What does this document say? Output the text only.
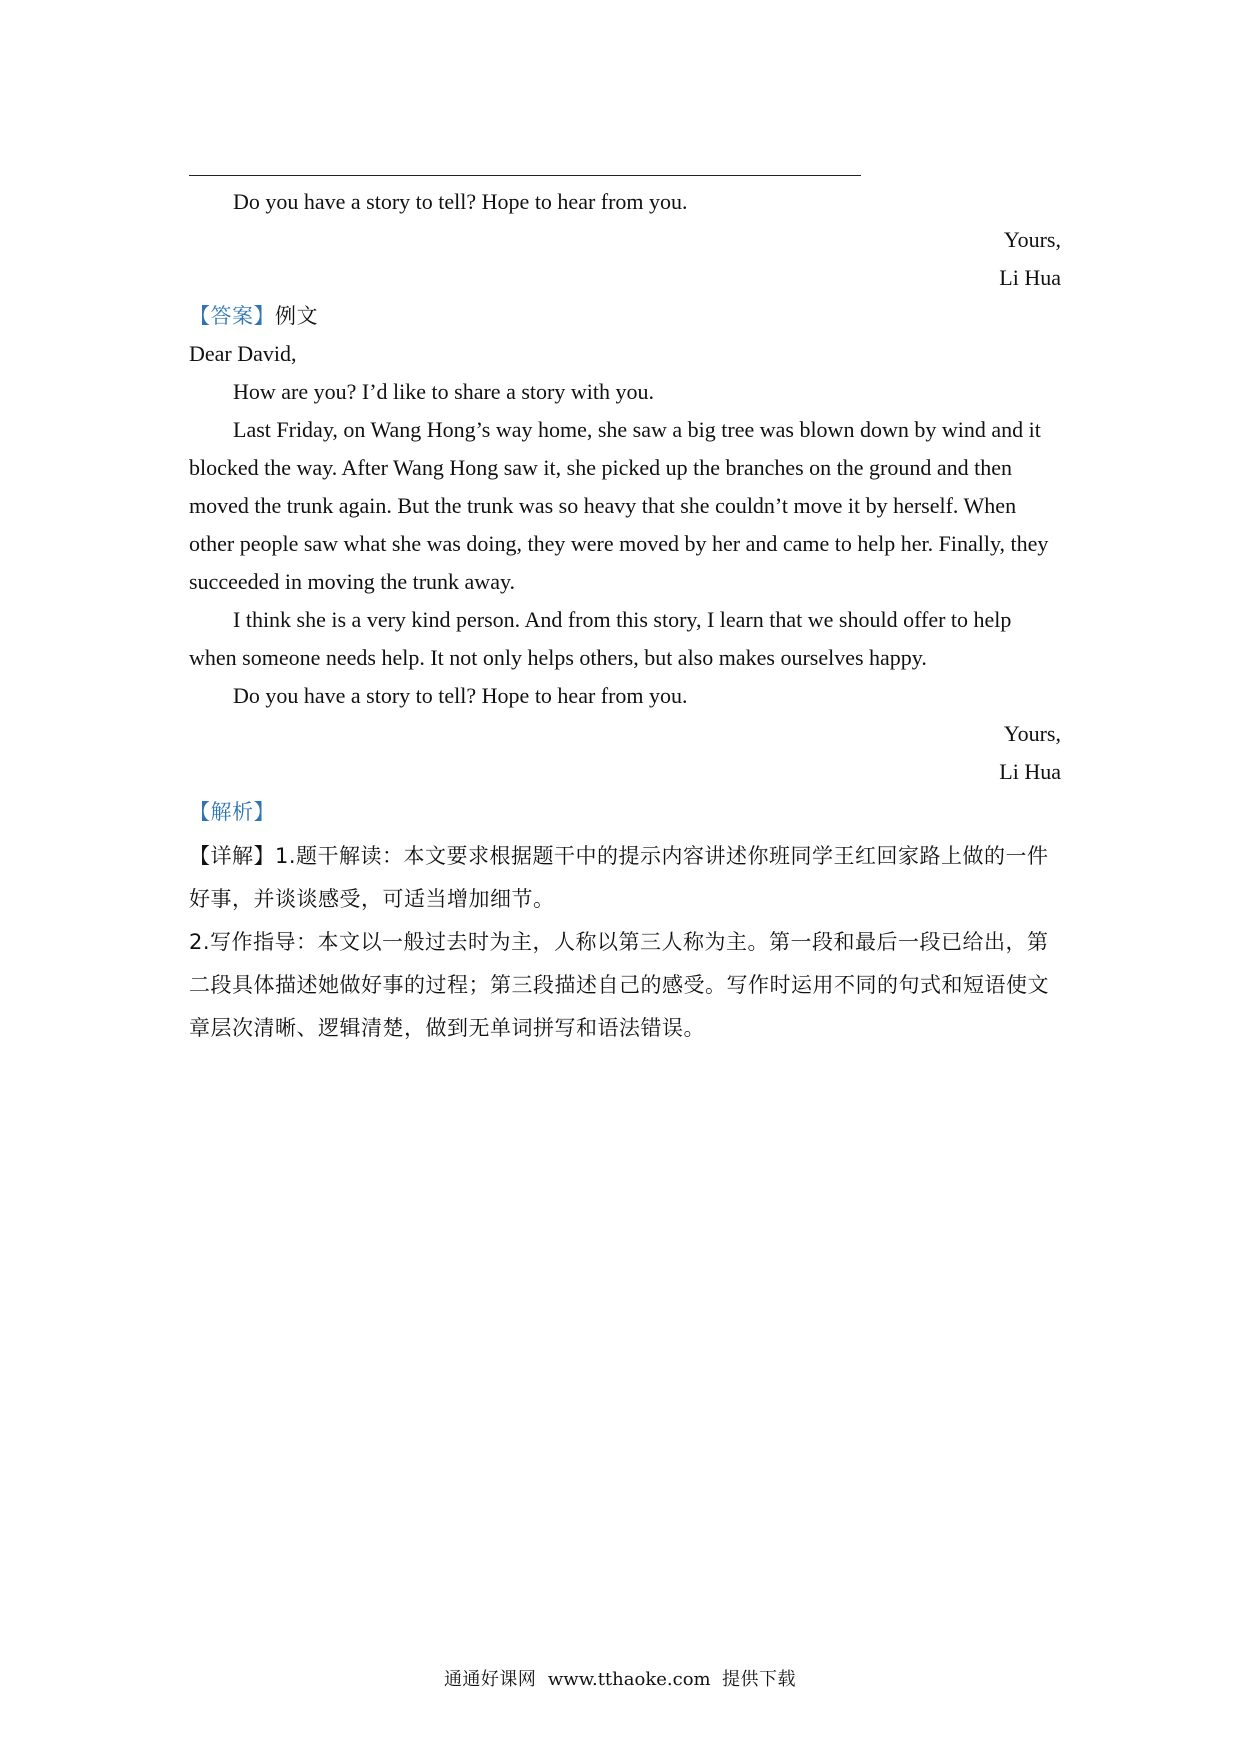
Do you have a story to tell? Hope to hear from you.

Yours,

Li Hua

【答案】例文

Dear David,

How are you? I’d like to share a story with you.

Last Friday, on Wang Hong’s way home, she saw a big tree was blown down by wind and it blocked the way. After Wang Hong saw it, she picked up the branches on the ground and then moved the trunk again. But the trunk was so heavy that she couldn’t move it by herself. When other people saw what she was doing, they were moved by her and came to help her. Finally, they succeeded in moving the trunk away.

I think she is a very kind person. And from this story, I learn that we should offer to help when someone needs help. It not only helps others, but also makes ourselves happy.

Do you have a story to tell? Hope to hear from you.

Yours,

Li Hua

【解析】

【详解】1.题干解读：本文要求根据题干中的提示内容讲述你班同学王红回家路上做的一件好事，并谈谈感受，可适当增加细节。

2.写作指导：本文以一般过去时为主，人称以第三人称为主。第一段和最后一段已给出，第二段具体描述她做好事的过程；第三段描述自己的感受。写作时运用不同的句式和短语使文章层次清晰、逻辑清楚，做到无单词拼写和语法错误。

通通好课网 www.tthaoke.com 提供下载
